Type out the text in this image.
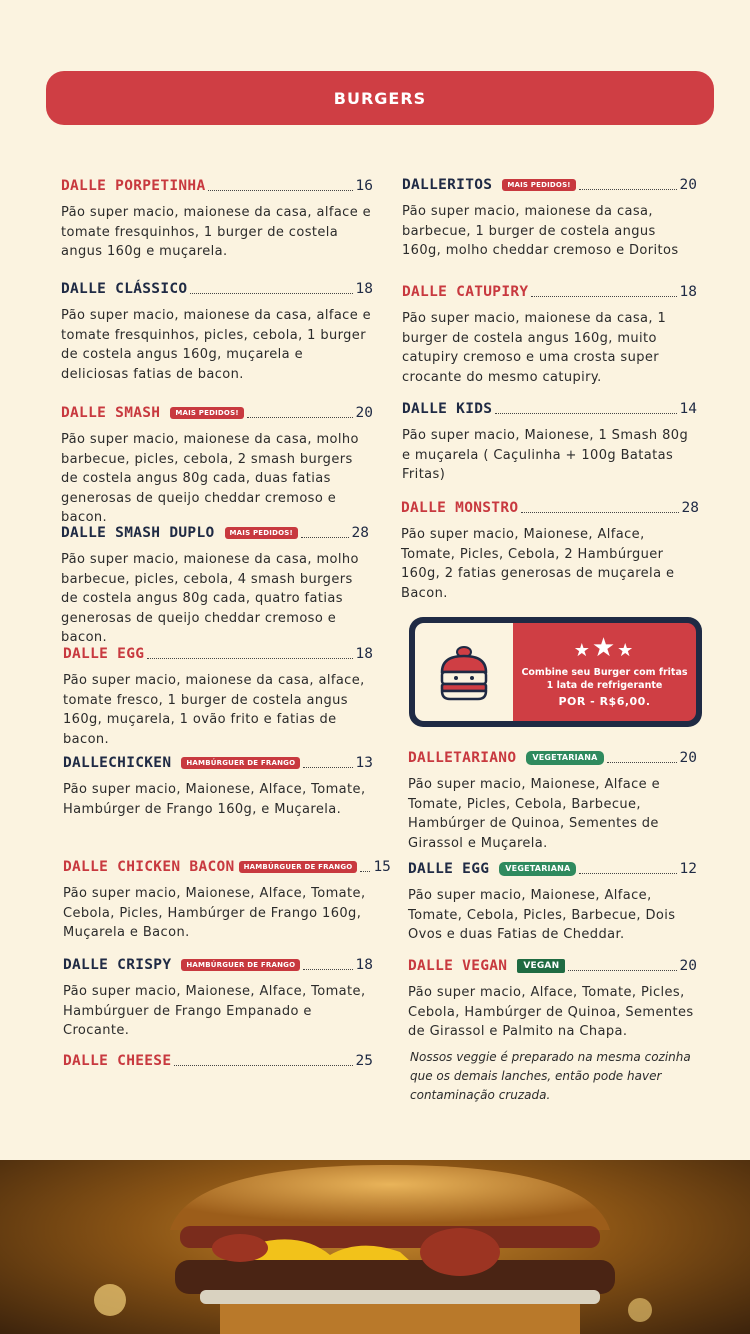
BURGERS
DALLE PORPETINHA	16
Pão super macio, maionese da casa, alface e tomate fresquinhos, 1 burger de costela angus 160g e muçarela.
DALLE CLÁSSICO	18
Pão super macio, maionese da casa, alface e tomate fresquinhos, picles, cebola, 1 burger de costela angus 160g, muçarela e deliciosas fatias de bacon.
DALLE SMASH	MAIS PEDIDOS!	20
Pão super macio, maionese da casa, molho barbecue, picles, cebola, 2 smash burgers de costela angus 80g cada, duas fatias generosas de queijo cheddar cremoso e bacon.
DALLE SMASH DUPLO	MAIS PEDIDOS!	28
Pão super macio, maionese da casa, molho barbecue, picles, cebola, 4 smash burgers de costela angus 80g cada, quatro fatias generosas de queijo cheddar cremoso e bacon.
DALLE EGG	18
Pão super macio, maionese da casa, alface, tomate fresco, 1 burger de costela angus 160g, muçarela, 1 ovão frito e fatias de bacon.
DALLECHICKEN	HAMBÚRGUER DE FRANGO	13
Pão super macio, Maionese, Alface, Tomate, Hambúrger de Frango 160g, e Muçarela.
DALLE CHICKEN BACON	HAMBÚRGUER DE FRANGO	15
Pão super macio, Maionese, Alface, Tomate, Cebola, Picles, Hambúrger de Frango 160g, Muçarela e Bacon.
DALLE CRISPY	HAMBÚRGUER DE FRANGO	18
Pão super macio, Maionese, Alface, Tomate, Hambúrguer de Frango Empanado e Crocante.
DALLE CHEESE	25
DALLERITOS	MAIS PEDIDOS!	20
Pão super macio, maionese da casa, barbecue, 1 burger de costela angus 160g, molho cheddar cremoso e Doritos
DALLE CATUPIRY	18
Pão super macio, maionese da casa, 1 burger de costela angus 160g, muito catupiry cremoso e uma crosta super crocante do mesmo catupiry.
DALLE KIDS	14
Pão super macio, Maionese, 1 Smash 80g e muçarela ( Caçulinha + 100g Batatas Fritas)
DALLE MONSTRO	28
Pão super macio, Maionese, Alface, Tomate, Picles, Cebola, 2 Hambúrguer 160g, 2 fatias generosas de muçarela e Bacon.
★★★
Combine seu Burger com fritas 1 lata de refrigerante
POR - R$6,00.
DALLETARIANO	VEGETARIANA	20
Pão super macio, Maionese, Alface e Tomate, Picles, Cebola, Barbecue, Hambúrger de Quinoa, Sementes de Girassol e Muçarela.
DALLE EGG	VEGETARIANA	12
Pão super macio, Maionese, Alface, Tomate, Cebola, Picles, Barbecue, Dois Ovos e duas Fatias de Cheddar.
DALLE VEGAN	VEGAN	20
Pão super macio, Alface, Tomate, Picles, Cebola, Hambúrger de Quinoa, Sementes de Girassol e Palmito na Chapa.
Nossos veggie é preparado na mesma cozinha que os demais lanches, então pode haver contaminação cruzada.
